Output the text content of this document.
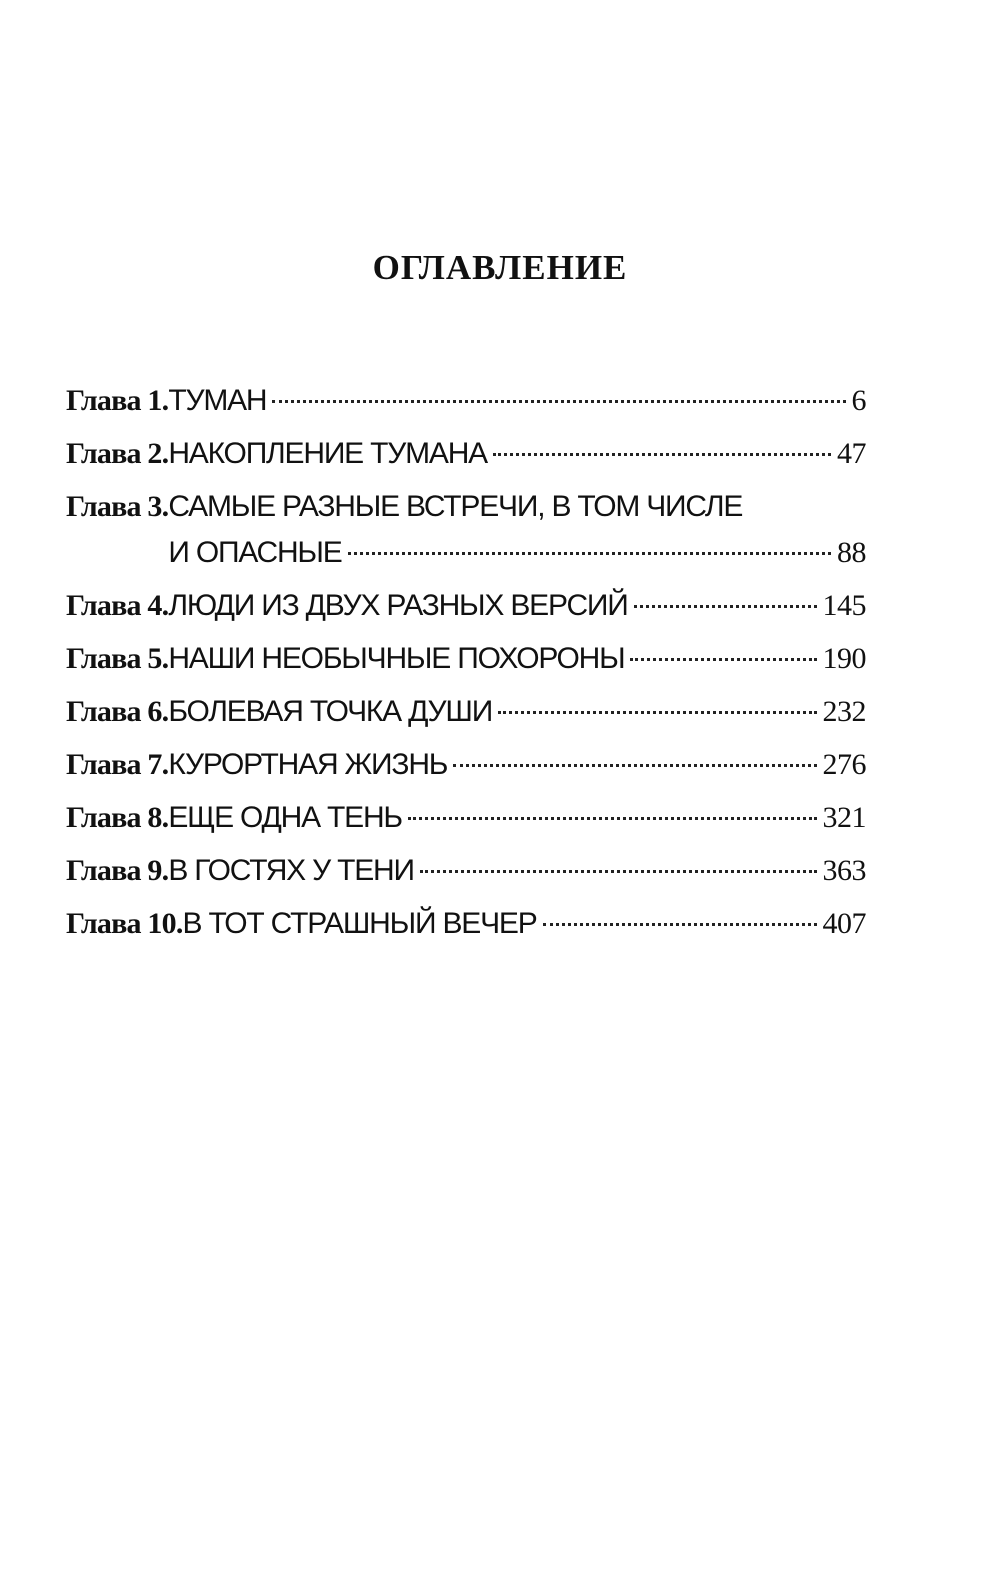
ОГЛАВЛЕНИЕ
Глава 1. ТУМАН	6
Глава 2. НАКОПЛЕНИЕ ТУМАНА	47
Глава 3. САМЫЕ РАЗНЫЕ ВСТРЕЧИ, В ТОМ ЧИСЛЕ
И ОПАСНЫЕ	88
Глава 4. ЛЮДИ ИЗ ДВУХ РАЗНЫХ ВЕРСИЙ	145
Глава 5. НАШИ НЕОБЫЧНЫЕ ПОХОРОНЫ	190
Глава 6. БОЛЕВАЯ ТОЧКА ДУШИ	232
Глава 7. КУРОРТНАЯ ЖИЗНЬ	276
Глава 8. ЕЩЕ ОДНА ТЕНЬ	321
Глава 9. В ГОСТЯХ У ТЕНИ	363
Глава 10. В ТОТ СТРАШНЫЙ ВЕЧЕР	407
